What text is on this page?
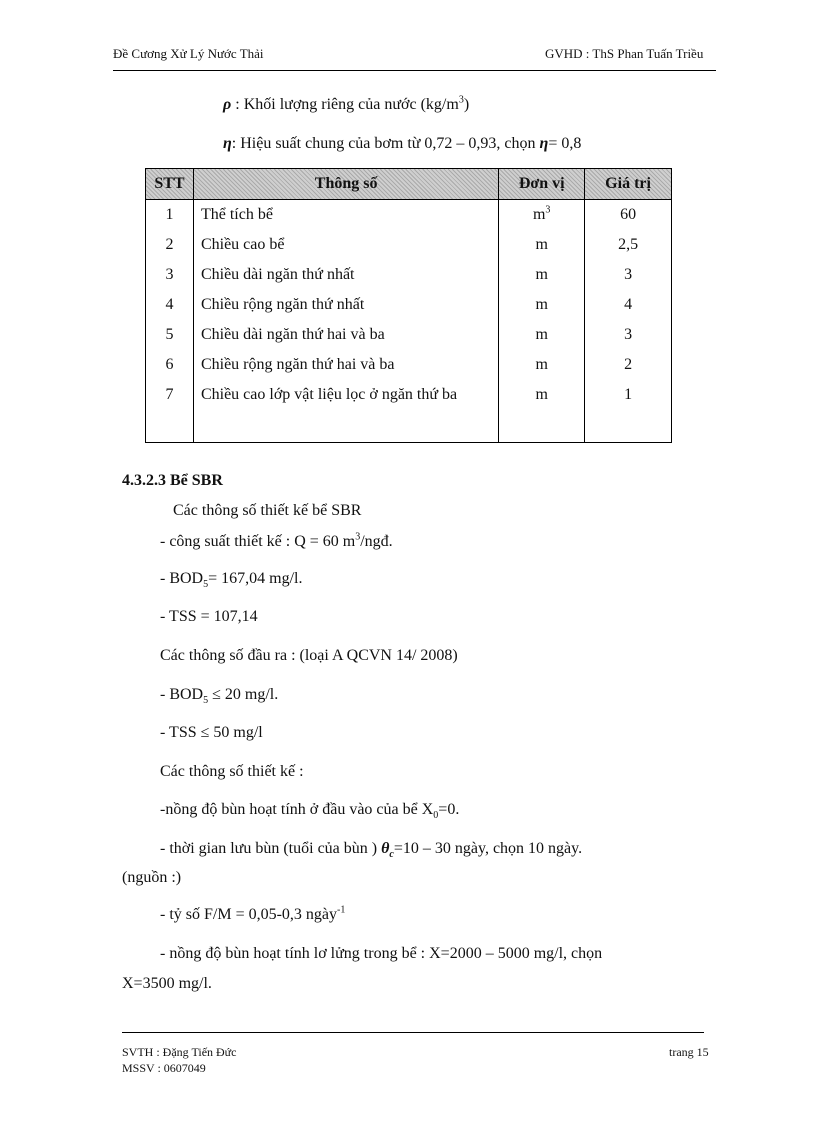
Đề Cương Xử Lý Nước Thải	GVHD : ThS Phan Tuấn Triều
ρ : Khối lượng riêng của nước $(kg/m^3)$
η: Hiệu suất chung của bơm từ 0,72 – 0,93, chọn η= 0,8
STT	Thông số	Đơn vị	Giá trị
1	Thể tích bể	$m^3$	60
2	Chiều cao bể	m	2,5
3	Chiều dài ngăn thứ nhất	m	3
4	Chiều rộng ngăn thứ nhất	m	4
5	Chiều dài ngăn thứ hai và ba	m	3
6	Chiều rộng ngăn thứ hai và ba	m	2
7	Chiều cao lớp vật liệu lọc ở ngăn thứ ba	m	1

4.3.2.3 Bể SBR
Các thông số thiết kế bể SBR
- công suất thiết kế : Q = 60 $m^3$/ngđ.
- $BOD_5= 167,04$ mg/l.
- TSS = 107,14
Các thông số đầu ra : (loại A QCVN 14/ 2008)
- $BOD_5 \le 20$ mg/l.
- TSS ≤ 50 mg/l
Các thông số thiết kế :
-nồng độ bùn hoạt tính ở đầu vào của bể $X_0=0$.
- thời gian lưu bùn (tuổi của bùn ) $\theta_c=10 - 30$ ngày, chọn 10 ngày.
(nguồn :)
- tỷ số F/M = 0,05-0,3 ngày$^{-1}$
- nồng độ bùn hoạt tính lơ lửng trong bể : X=2000 – 5000 mg/l, chọn
X=3500 mg/l.
SVTH : Đặng Tiến Đức
MSSV : 0607049
trang 15
